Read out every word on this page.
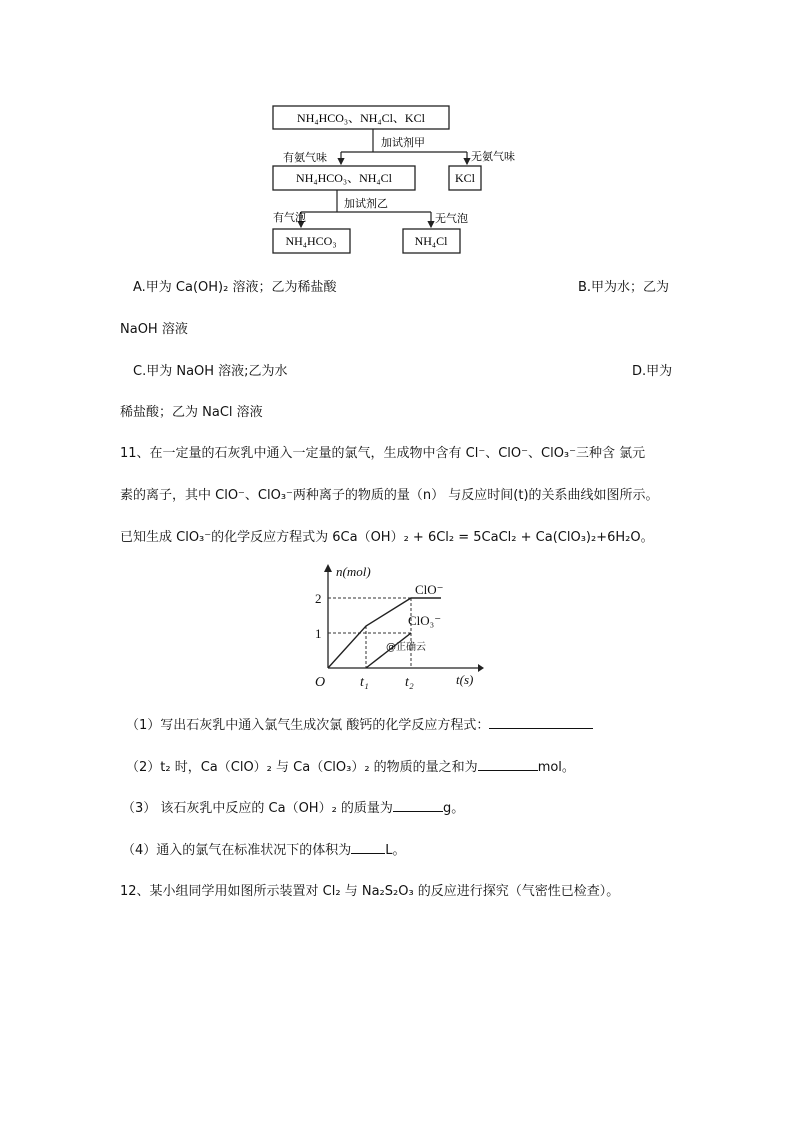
NH₄HCO₃、NH₄Cl、KCl
加试剂甲
有氨气味	无氨气味
NH₄HCO₃、NH₄Cl	KCl
加试剂乙
有气泡	无气泡
NH₄HCO₃	NH₄Cl
A.甲为 Ca(OH)₂ 溶液；乙为稀盐酸	B.甲为水；乙为
NaOH 溶液
C.甲为 NaOH 溶液;乙为水	D.甲为
稀盐酸；乙为 NaCl 溶液
11、在一定量的石灰乳中通入一定量的氯气，生成物中含有 Cl⁻、ClO⁻、ClO₃⁻三种含 氯元
素的离子，其中 ClO⁻、ClO₃⁻两种离子的物质的量（n） 与反应时间(t)的关系曲线如图所示。
已知生成 ClO₃⁻的化学反应方程式为 6Ca（OH）₂ + 6Cl₂ = 5CaCl₂ + Ca(ClO₃)₂+6H₂O。
n(mol)
t(s)
O
1
2
t₁	t₂
ClO⁻
ClO₃⁻
@正确云
（1）写出石灰乳中通入氯气生成次氯 酸钙的化学反应方程式：
（2）t₂ 时，Ca（ClO）₂ 与 Ca（ClO₃）₂ 的物质的量之和为	mol。
（3） 该石灰乳中反应的 Ca（OH）₂ 的质量为	g。
（4）通入的氯气在标准状况下的体积为	L。
12、某小组同学用如图所示装置对 Cl₂ 与 Na₂S₂O₃ 的反应进行探究（气密性已检查）。
